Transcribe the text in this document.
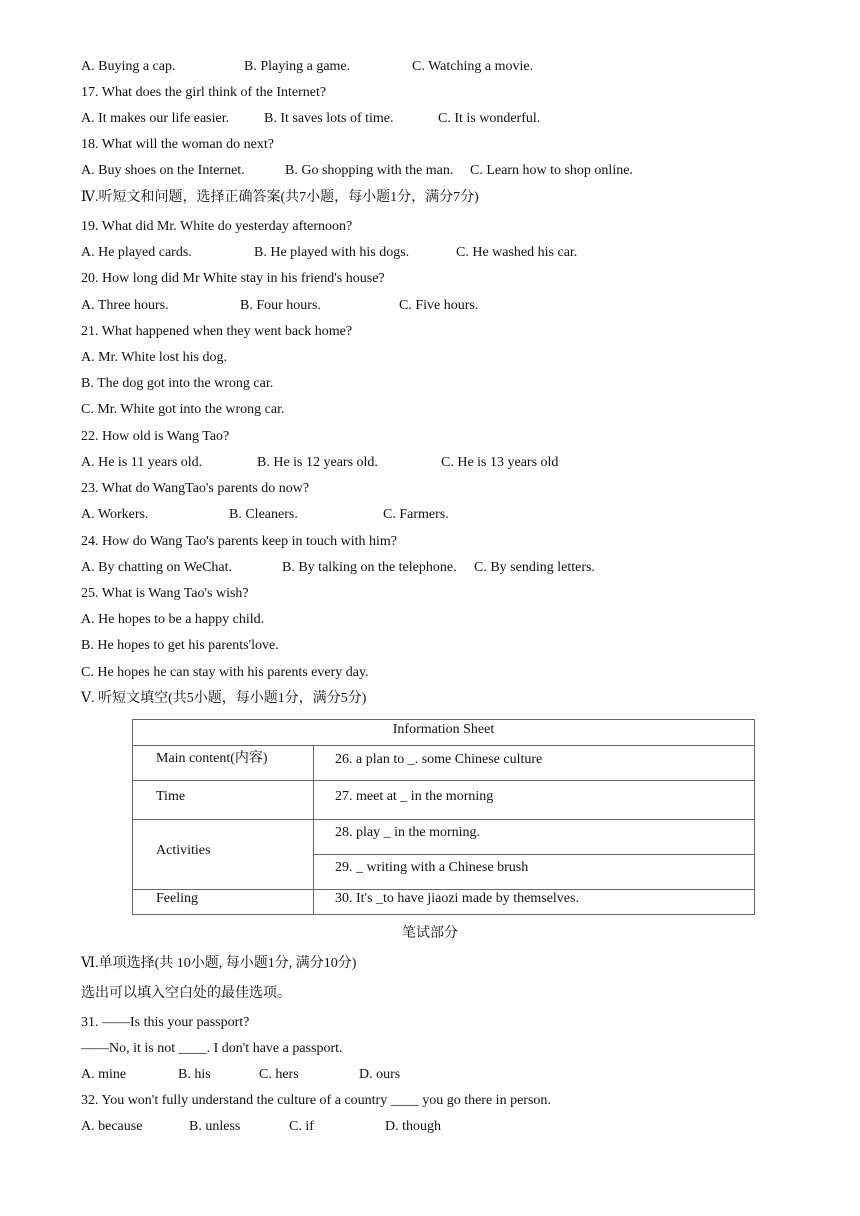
A. Buying a cap.	B. Playing a game.	C. Watching a movie.
17. What does the girl think of the Internet?
A. It makes our life easier. B. It saves lots of time.	C. It is wonderful.
18. What will the woman do next?
A. Buy shoes on the Internet.	B. Go shopping with the man. C. Learn how to shop online.
Ⅳ.听短文和问题，选择正确答案(共7小题，每小题1分，满分7分)
19. What did Mr. White do yesterday afternoon?
A. He played cards.	B. He played with his dogs.	C. He washed his car.
20. How long did Mr White stay in his friend's house?
A. Three hours.	B. Four hours.	C. Five hours.
21. What happened when they went back home?
A. Mr. White lost his dog.
B. The dog got into the wrong car.
C. Mr. White got into the wrong car.
22. How old is Wang Tao?
A. He is 11 years old.	B. He is 12 years old.	C. He is 13 years old
23. What do WangTao's parents do now?
A. Workers.	B. Cleaners.	C. Farmers.
24. How do Wang Tao's parents keep in touch with him?
A. By chatting on WeChat.	B. By talking on the telephone. C. By sending letters.
25. What is Wang Tao's wish?
A. He hopes to be a happy child.
B. He hopes to get his parents'love.
C. He hopes he can stay with his parents every day.
Ⅴ. 听短文填空(共5小题，每小题1分，满分5分)
Information Sheet
Main content(内容)	26. a plan to _. some Chinese culture
Time	27. meet at _ in the morning
Activities
28. play _ in the morning.
29. _ writing with a Chinese brush
Feeling	30. It's _to have jiaozi made by themselves.
笔试部分
Ⅵ.单项选择(共 10小题, 每小题1分, 满分10分)
选出可以填入空白处的最佳选项。
31. ——Is this your passport?
——No, it is not ____. I don't have a passport.
A. mine	B. his	C. hers	D. ours
32. You won't fully understand the culture of a country ____ you go there in person.
A. because	B. unless	C. if	D. though
